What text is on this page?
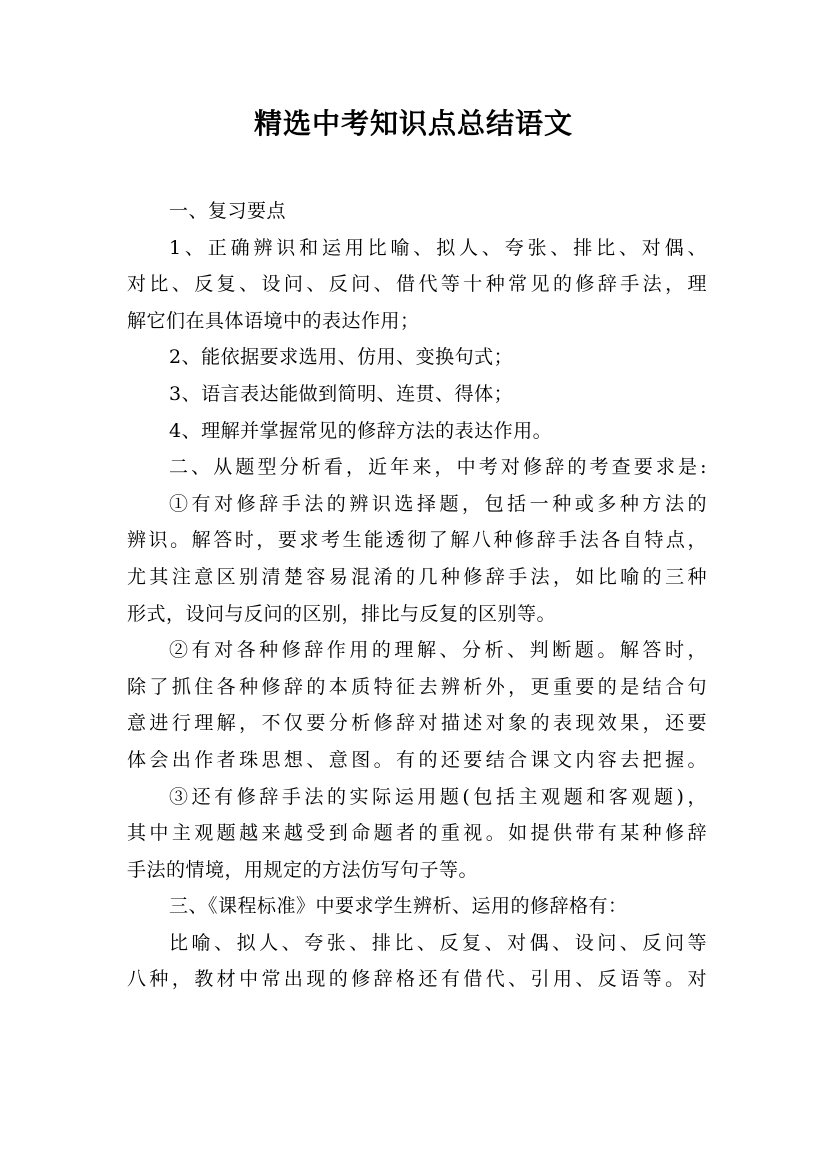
精选中考知识点总结语文
一、复习要点
1、正确辨识和运用比喻、拟人、夸张、排比、对偶、
对比、反复、设问、反问、借代等十种常见的修辞手法，理
解它们在具体语境中的表达作用；
2、能依据要求选用、仿用、变换句式；
3、语言表达能做到简明、连贯、得体；
4、理解并掌握常见的修辞方法的表达作用。
二、从题型分析看，近年来，中考对修辞的考查要求是:
①有对修辞手法的辨识选择题，包括一种或多种方法的
辨识。解答时，要求考生能透彻了解八种修辞手法各自特点，
尤其注意区别清楚容易混淆的几种修辞手法，如比喻的三种
形式，设问与反问的区别，排比与反复的区别等。
②有对各种修辞作用的理解、分析、判断题。解答时，
除了抓住各种修辞的本质特征去辨析外，更重要的是结合句
意进行理解，不仅要分析修辞对描述对象的表现效果，还要
体会出作者珠思想、意图。有的还要结合课文内容去把握。
③还有修辞手法的实际运用题(包括主观题和客观题)，
其中主观题越来越受到命题者的重视。如提供带有某种修辞
手法的情境，用规定的方法仿写句子等。
三、《课程标准》中要求学生辨析、运用的修辞格有：
比喻、拟人、夸张、排比、反复、对偶、设问、反问等
八种，教材中常出现的修辞格还有借代、引用、反语等。对
